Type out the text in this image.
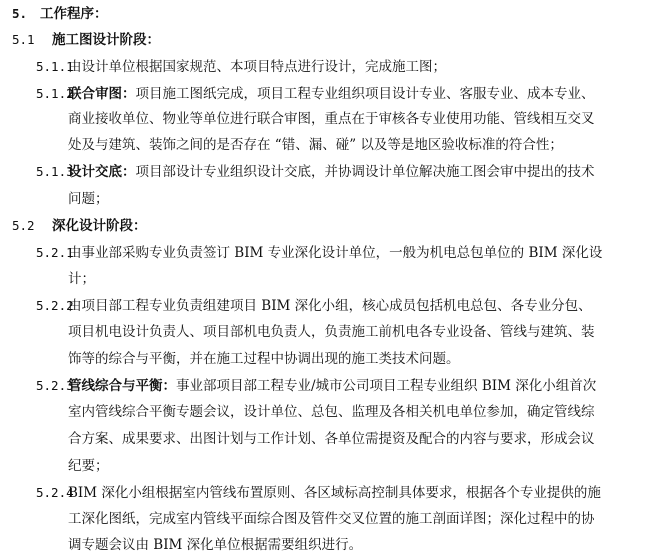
5. 工作程序：
5.1 施工图设计阶段：
5.1.1由设计单位根据国家规范、本项目特点进行设计，完成施工图；
5.1.2联合审图：项目施工图纸完成，项目工程专业组织项目设计专业、客服专业、成本专业、
商业接收单位、物业等单位进行联合审图，重点在于审核各专业使用功能、管线相互交叉
处及与建筑、装饰之间的是否存在 “错、漏、碰” 以及等是地区验收标准的符合性；
5.1.3设计交底：项目部设计专业组织设计交底，并协调设计单位解决施工图会审中提出的技术
问题；
5.2 深化设计阶段：
5.2.1由事业部采购专业负责签订 BIM 专业深化设计单位，一般为机电总包单位的 BIM 深化设
计；
5.2.2由项目部工程专业负责组建项目 BIM 深化小组，核心成员包括机电总包、各专业分包、
项目机电设计负责人、项目部机电负责人，负责施工前机电各专业设备、管线与建筑、装
饰等的综合与平衡，并在施工过程中协调出现的施工类技术问题。
5.2.3管线综合与平衡：事业部项目部工程专业/城市公司项目工程专业组织 BIM 深化小组首次
室内管线综合平衡专题会议，设计单位、总包、监理及各相关机电单位参加，确定管线综
合方案、成果要求、出图计划与工作计划、各单位需提资及配合的内容与要求，形成会议
纪要；
5.2.4BIM 深化小组根据室内管线布置原则、各区域标高控制具体要求，根据各个专业提供的施
工深化图纸，完成室内管线平面综合图及管件交叉位置的施工剖面详图；深化过程中的协
调专题会议由 BIM 深化单位根据需要组织进行。
